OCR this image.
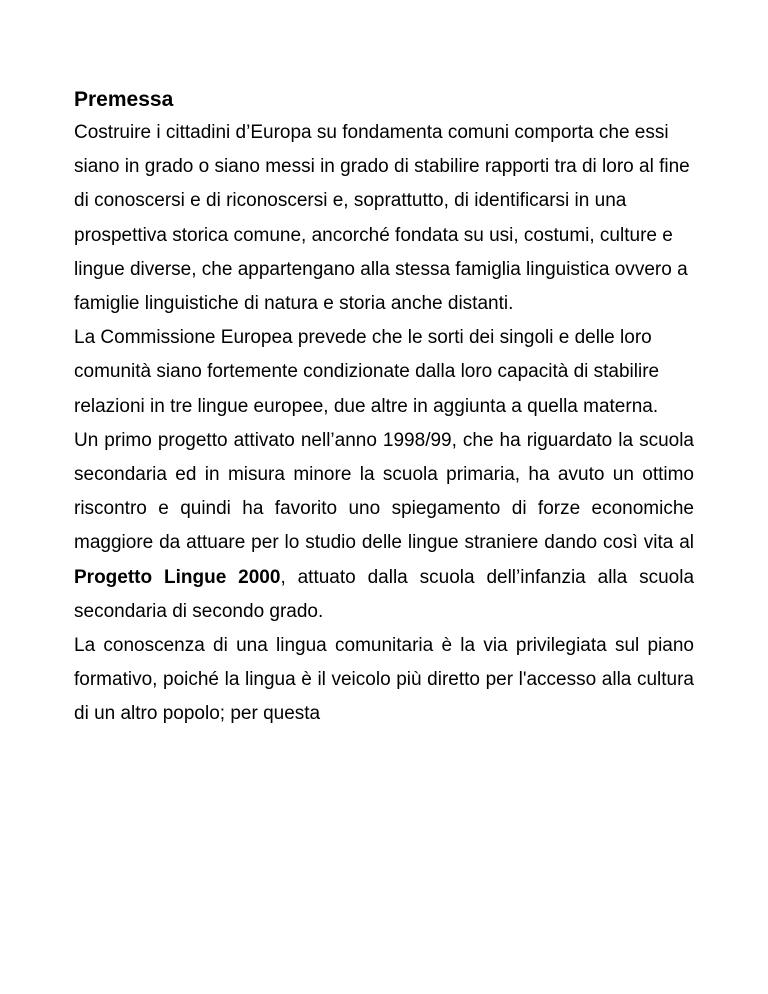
Premessa

Costruire i cittadini d’Europa su fondamenta comuni comporta che essi siano in grado o siano messi in grado di stabilire rapporti tra di loro al fine di conoscersi e di riconoscersi e, soprattutto, di identificarsi in una prospettiva storica comune, ancorché fondata su usi, costumi, culture e lingue diverse, che appartengano alla stessa famiglia linguistica ovvero a famiglie linguistiche di natura e storia anche distanti.

La Commissione Europea prevede che le sorti dei singoli e delle loro comunità siano fortemente condizionate dalla loro capacità di stabilire relazioni in tre lingue europee, due altre in aggiunta a quella materna.

Un primo progetto attivato nell’anno 1998/99, che ha riguardato la scuola secondaria ed in misura minore la scuola primaria, ha avuto un ottimo riscontro e quindi ha favorito uno spiegamento di forze economiche maggiore da attuare per lo studio delle lingue straniere dando così vita al Progetto Lingue 2000, attuato dalla scuola dell’infanzia alla scuola secondaria di secondo grado.

La conoscenza di una lingua comunitaria è la via privilegiata sul piano formativo, poiché la lingua è il veicolo più diretto per l'accesso alla cultura di un altro popolo; per questa
